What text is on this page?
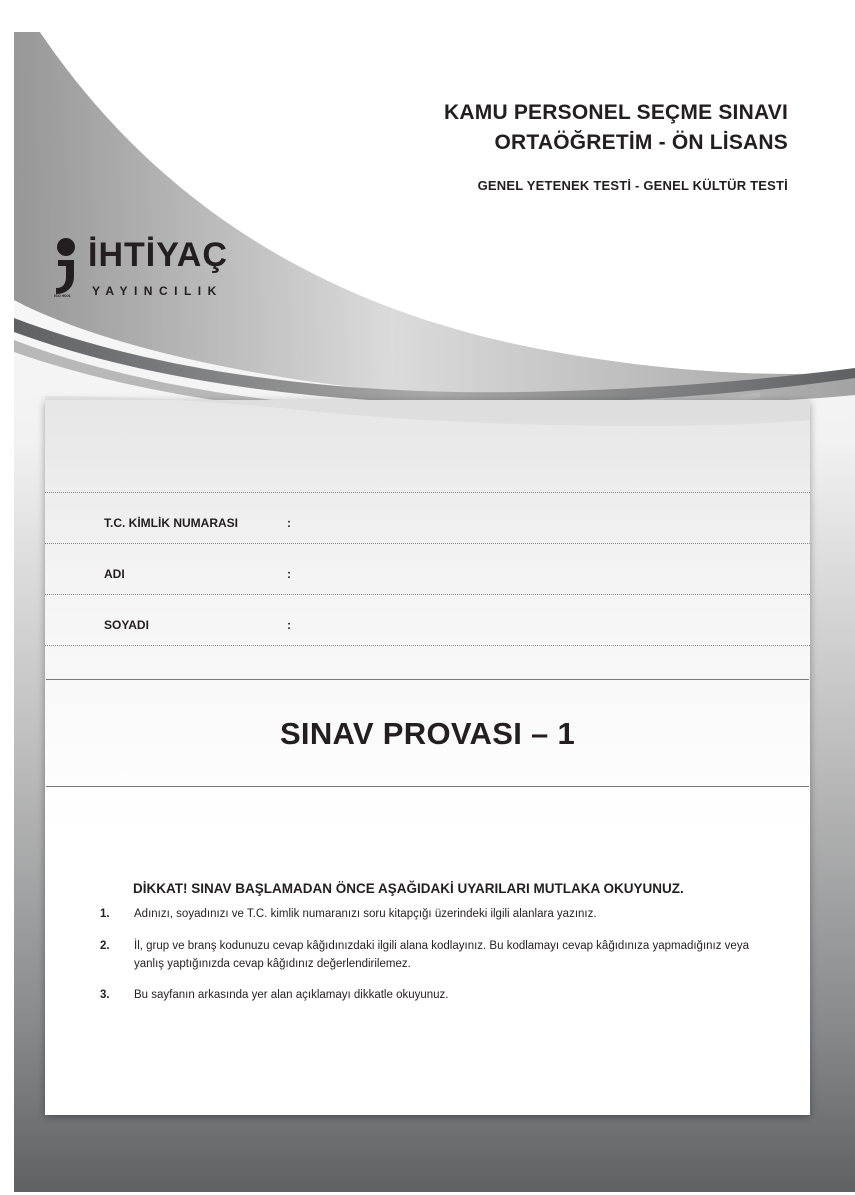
KAMU PERSONEL SEÇME SINAVI
ORTAÖĞRETİM - ÖN LİSANS
GENEL YETENEK TESTİ - GENEL KÜLTÜR TESTİ
İHTİYAÇ
YAYINCILIK
ISO 9001
T.C. KİMLİK NUMARASI	:
ADI	:
SOYADI	:
SINAV PROVASI – 1
DİKKAT! SINAV BAŞLAMADAN ÖNCE AŞAĞIDAKİ UYARILARI MUTLAKA OKUYUNUZ.
1. Adınızı, soyadınızı ve T.C. kimlik numaranızı soru kitapçığı üzerindeki ilgili alanlara yazınız.
2. İl, grup ve branş kodunuzu cevap kâğıdınızdaki ilgili alana kodlayınız. Bu kodlamayı cevap kâğıdınıza yapmadığınız veya yanlış yaptığınızda cevap kâğıdınız değerlendirilemez.
3. Bu sayfanın arkasında yer alan açıklamayı dikkatle okuyunuz.
